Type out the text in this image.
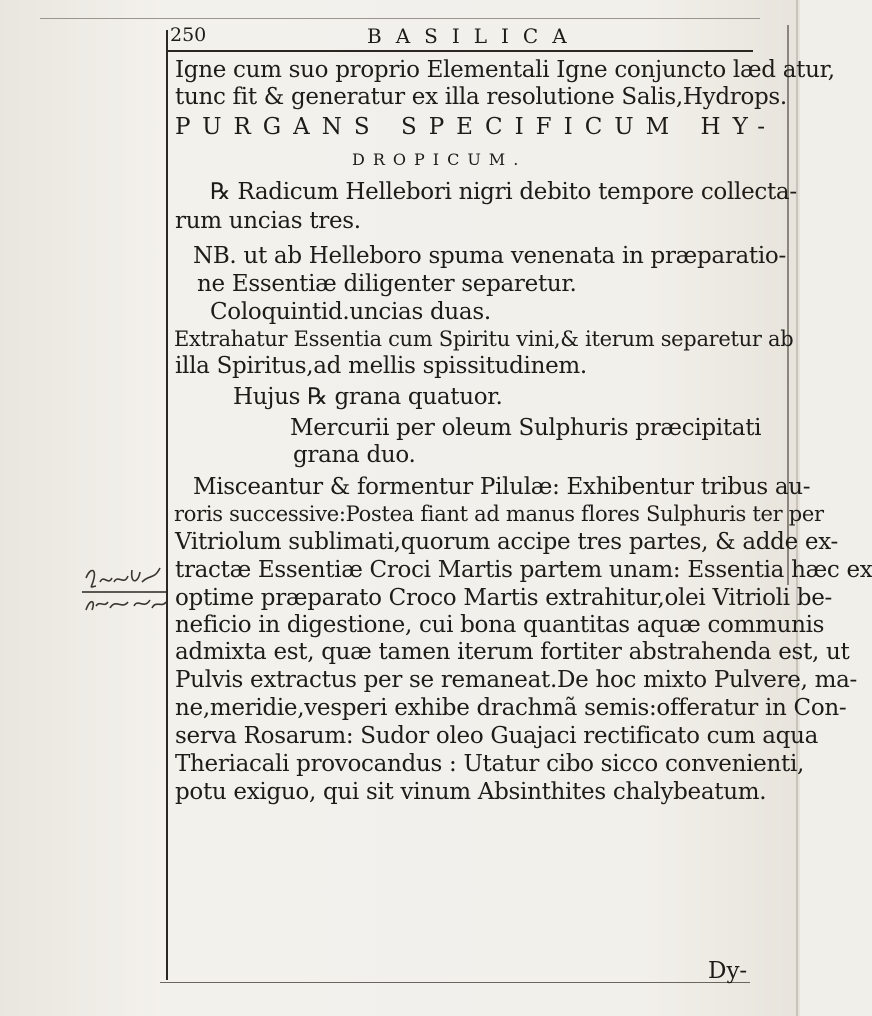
250	BASILICA
Igne cum suo proprio Elementali Igne conjuncto læd atur,
tunc fit & generatur ex illa resolutione Salis,Hydrops.
PURGANS SPECIFICUM HY-
DROPICUM.
℞ Radicum Hellebori nigri debito tempore collecta-
rum uncias tres.
NB. ut ab Helleboro spuma venenata in præparatio-
ne Essentiæ diligenter separetur.
Coloquintid.uncias duas.
Extrahatur Essentia cum Spiritu vini,& iterum separetur ab
illa Spiritus,ad mellis spissitudinem.
Hujus ℞ grana quatuor.
Mercurii per oleum Sulphuris præcipitati
grana duo.
Misceantur & formentur Pilulæ: Exhibentur tribus au-
roris successive:Postea fiant ad manus flores Sulphuris ter per
Vitriolum sublimati,quorum accipe tres partes, & adde ex-
tractæ Essentiæ Croci Martis partem unam: Essentia hæc ex
optime præparato Croco Martis extrahitur,olei Vitrioli be-
neficio in digestione, cui bona quantitas aquæ communis
admixta est, quæ tamen iterum fortiter abstrahenda est, ut
Pulvis extractus per se remaneat.De hoc mixto Pulvere, ma-
ne,meridie,vesperi exhibe drachmã semis:offeratur in Con-
serva Rosarum: Sudor oleo Guajaci rectificato cum aqua
Theriacali provocandus : Utatur cibo sicco convenienti,
potu exiguo, qui sit vinum Absinthites chalybeatum.
Dy-
